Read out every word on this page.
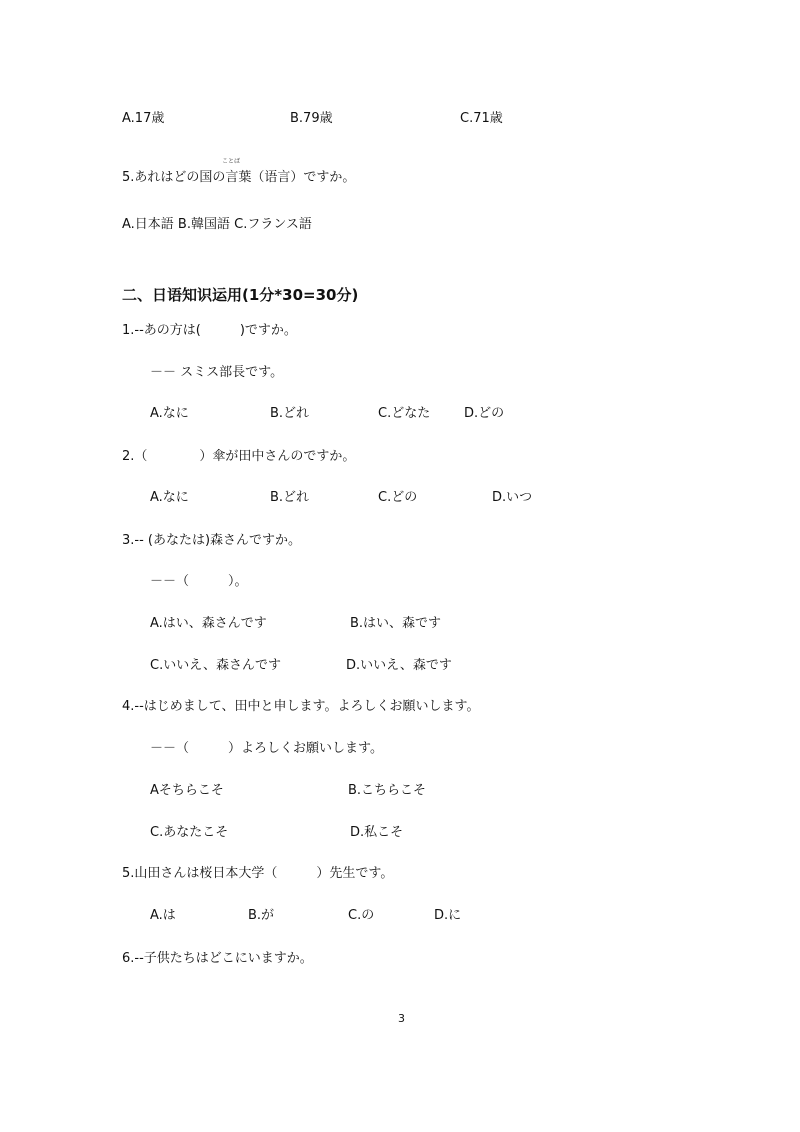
A.17歳	B.79歳	C.71歳
ことば
5.あれはどの国の言葉（语言）ですか。
A.日本語 B.韓国語 C.フランス語
二、日语知识运用(1分*30=30分)
1.--あの方は(　　　)ですか。
－－ スミス部長です。
A.なに	B.どれ	C.どなた	D.どの
2.（　　　　）傘が田中さんのですか。
A.なに	B.どれ	C.どの	D.いつ
3.-- (あなたは)森さんですか。
－－（　　　）。
A.はい、森さんです	B.はい、森です
C.いいえ、森さんです	D.いいえ、森です
4.--はじめまして、田中と申します。よろしくお願いします。
－－（　　　）よろしくお願いします。
Aそちらこそ	B.こちらこそ
C.あなたこそ	D.私こそ
5.山田さんは桜日本大学（　　　）先生です。
A.は	B.が	C.の	D.に
6.--子供たちはどこにいますか。
3
